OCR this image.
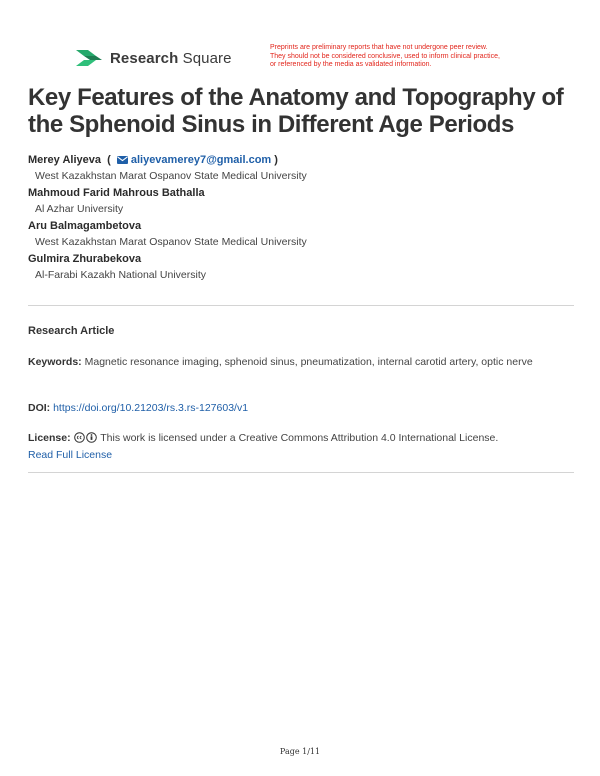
Research Square
Preprints are preliminary reports that have not undergone peer review.
They should not be considered conclusive, used to inform clinical practice,
or referenced by the media as validated information.
Key Features of the Anatomy and Topography of the Sphenoid Sinus in Different Age Periods
Merey Aliyeva ( aliyevamerey7@gmail.com )
West Kazakhstan Marat Ospanov State Medical University
Mahmoud Farid Mahrous Bathalla
Al Azhar University
Aru Balmagambetova
West Kazakhstan Marat Ospanov State Medical University
Gulmira Zhurabekova
Al-Farabi Kazakh National University
Research Article
Keywords: Magnetic resonance imaging, sphenoid sinus, pneumatization, internal carotid artery, optic nerve
DOI: https://doi.org/10.21203/rs.3.rs-127603/v1
License:	This work is licensed under a Creative Commons Attribution 4.0 International License.
Read Full License
Page 1/11
